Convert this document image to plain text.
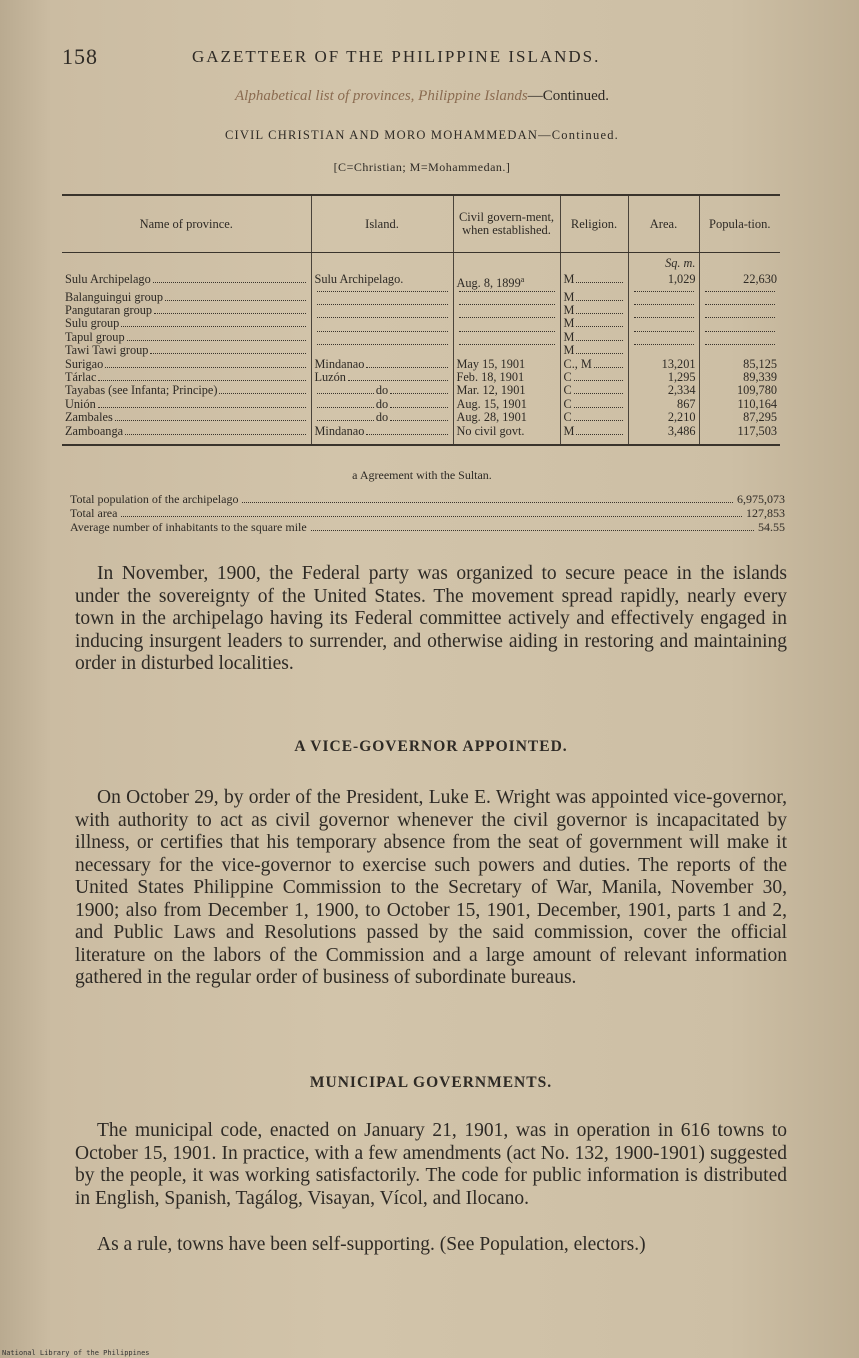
158	GAZETTEER OF THE PHILIPPINE ISLANDS.
Alphabetical list of provinces, Philippine Islands—Continued.
CIVIL CHRISTIAN AND MORO MOHAMMEDAN—Continued.
[C=Christian; M=Mohammedan.]
Name of province.	Island.	Civil govern-ment, when established.	Religion.	Area.	Popula-tion.
				Sq. m.	

Sulu Archipelago	Sulu Archipelago.	Aug. 8, 1899$^a$	M	1,029	22,630

Balanguingui group			M		

Pangutaran group			M		

Sulu group			M		

Tapul group			M		

Tawi Tawi group			M		

Surigao	Mindanao	May 15, 1901	C., M	13,201	85,125

Tárlac	Luzón	Feb. 18, 1901	C	1,295	89,339

Tayabas (see Infanta; Principe)	do	Mar. 12, 1901	C	2,334	109,780

Unión	do	Aug. 15, 1901	C	867	110,164

Zambales	do	Aug. 28, 1901	C	2,210	87,295

Zamboanga	Mindanao	No civil govt.	M	3,486	117,503
a Agreement with the Sultan.
Total population of the archipelago	6,975,073
Total area	127,853
Average number of inhabitants to the square mile	54.55

In November, 1900, the Federal party was organized to secure peace in the islands under the sovereignty of the United States. The movement spread rapidly, nearly every town in the archipelago having its Federal committee actively and effectively engaged in inducing insurgent leaders to surrender, and otherwise aiding in restoring and maintaining order in disturbed localities.

A VICE-GOVERNOR APPOINTED.

On October 29, by order of the President, Luke E. Wright was appointed vice-governor, with authority to act as civil governor whenever the civil governor is incapacitated by illness, or certifies that his temporary absence from the seat of government will make it necessary for the vice-governor to exercise such powers and duties. The reports of the United States Philippine Commission to the Secretary of War, Manila, November 30, 1900; also from December 1, 1900, to October 15, 1901, December, 1901, parts 1 and 2, and Public Laws and Resolutions passed by the said commission, cover the official literature on the labors of the Commission and a large amount of relevant information gathered in the regular order of business of subordinate bureaus.

MUNICIPAL GOVERNMENTS.

The municipal code, enacted on January 21, 1901, was in operation in 616 towns to October 15, 1901. In practice, with a few amendments (act No. 132, 1900-1901) suggested by the people, it was working satisfactorily. The code for public information is distributed in English, Spanish, Tagálog, Visayan, Vícol, and Ilocano.

As a rule, towns have been self-supporting. (See Population, electors.)

National Library of the Philippines
